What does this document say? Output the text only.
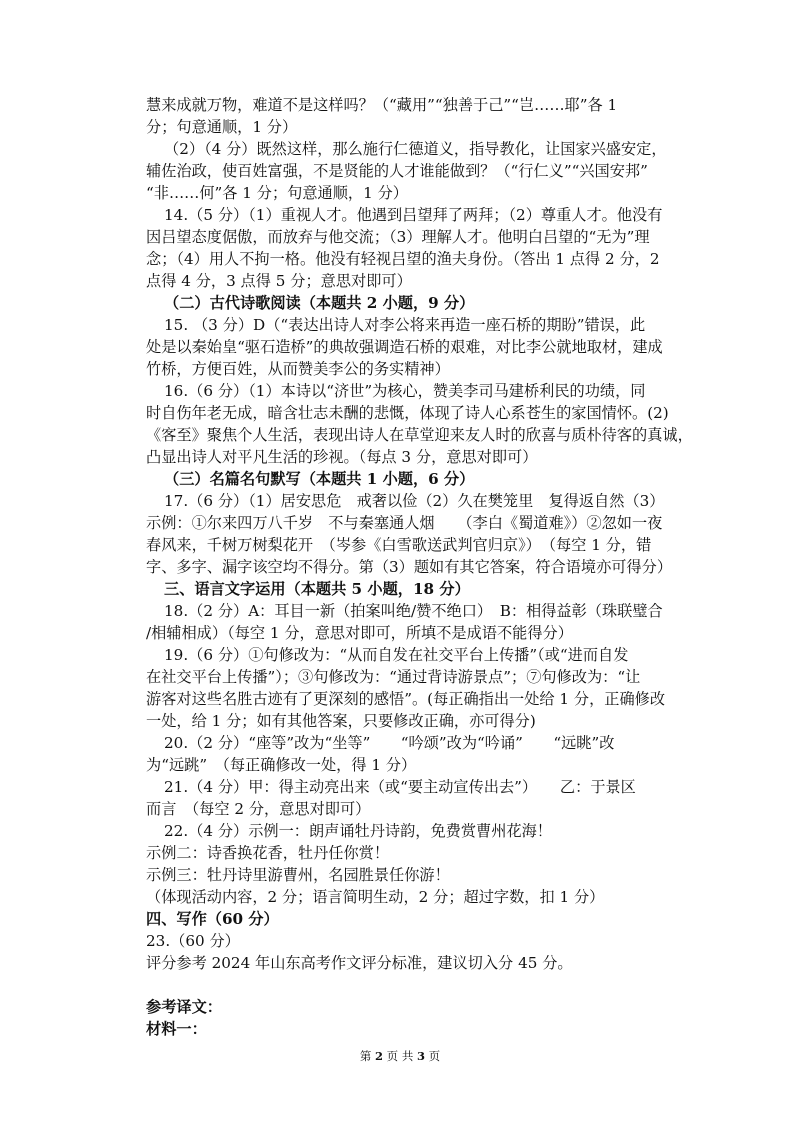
慧来成就万物，难道不是这样吗？（“藏用”“独善于己”“岂……耶”各 1
分；句意通顺，1 分）
（2）（4 分）既然这样，那么施行仁德道义，指导教化，让国家兴盛安定，
辅佐治政，使百姓富强，不是贤能的人才谁能做到？（“行仁义”“兴国安邦”
“非……何”各 1 分；句意通顺，1 分）
14.（5 分）（1）重视人才。他遇到吕望拜了两拜；（2）尊重人才。他没有
因吕望态度倨傲，而放弃与他交流；（3）理解人才。他明白吕望的“无为”理
念；（4）用人不拘一格。他没有轻视吕望的渔夫身份。（答出 1 点得 2 分，2
点得 4 分，3 点得 5 分；意思对即可）
（二）古代诗歌阅读（本题共 2 小题，9 分）
15. （3 分）D（“表达出诗人对李公将来再造一座石桥的期盼”错误，此
处是以秦始皇“驱石造桥”的典故强调造石桥的艰难，对比李公就地取材，建成
竹桥，方便百姓，从而赞美李公的务实精神）
16.（6 分）（1）本诗以“济世”为核心，赞美李司马建桥利民的功绩，同
时自伤年老无成，暗含壮志未酬的悲慨，体现了诗人心系苍生的家国情怀。(2)
《客至》聚焦个人生活，表现出诗人在草堂迎来友人时的欣喜与质朴待客的真诚，
凸显出诗人对平凡生活的珍视。（每点 3 分，意思对即可）
（三）名篇名句默写（本题共 1 小题，6 分）
17.（6 分）（1）居安思危　戒奢以俭（2）久在樊笼里　复得返自然（3）
示例：①尔来四万八千岁　不与秦塞通人烟　　（李白《蜀道难》）②忽如一夜
春风来，千树万树梨花开　（岑参《白雪歌送武判官归京》）　（每空 1 分，错
字、多字、漏字该空均不得分。第（3）题如有其它答案，符合语境亦可得分）
三、语言文字运用（本题共 5 小题，18 分）
18.（2 分）A：耳目一新（拍案叫绝/赞不绝口）　B：相得益彰（珠联璧合
/相辅相成）（每空 1 分，意思对即可，所填不是成语不能得分）
19.（6 分）①句修改为：“从而自发在社交平台上传播”（或“进而自发
在社交平台上传播”）；③句修改为：“通过背诗游景点”；⑦句修改为：“让
游客对这些名胜古迹有了更深刻的感悟”。(每正确指出一处给 1 分，正确修改
一处，给 1 分；如有其他答案，只要修改正确，亦可得分)
20.（2 分）“座等”改为“坐等”　　“吟颂”改为“吟诵”　　“远眺”改
为“远跳”　（每正确修改一处，得 1 分）
21.（4 分）甲：得主动亮出来（或“要主动宣传出去”）　　乙：于景区
而言　（每空 2 分，意思对即可）
22.（4 分）示例一：朗声诵牡丹诗韵，免费赏曹州花海！
示例二：诗香换花香，牡丹任你赏！
示例三：牡丹诗里游曹州，名园胜景任你游！
（体现活动内容，2 分；语言简明生动，2 分；超过字数，扣 1 分）
四、写作（60 分）
23.（60 分）
评分参考 2024 年山东高考作文评分标准，建议切入分 45 分。
参考译文：
材料一：
第 2 页 共 3 页
